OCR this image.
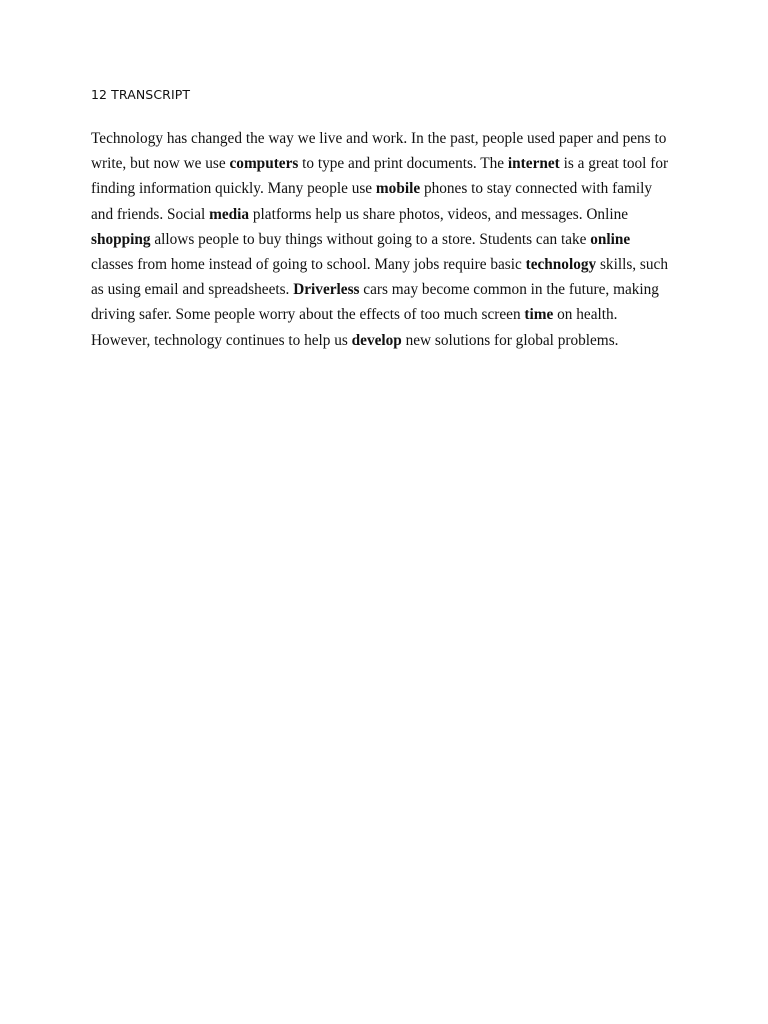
12 TRANSCRIPT

Technology has changed the way we live and work. In the past, people used paper and pens to
write, but now we use computers to type and print documents. The internet is a great tool for
finding information quickly. Many people use mobile phones to stay connected with family
and friends. Social media platforms help us share photos, videos, and messages. Online
shopping allows people to buy things without going to a store. Students can take online
classes from home instead of going to school. Many jobs require basic technology skills, such
as using email and spreadsheets. Driverless cars may become common in the future, making
driving safer. Some people worry about the effects of too much screen time on health.
However, technology continues to help us develop new solutions for global problems.
